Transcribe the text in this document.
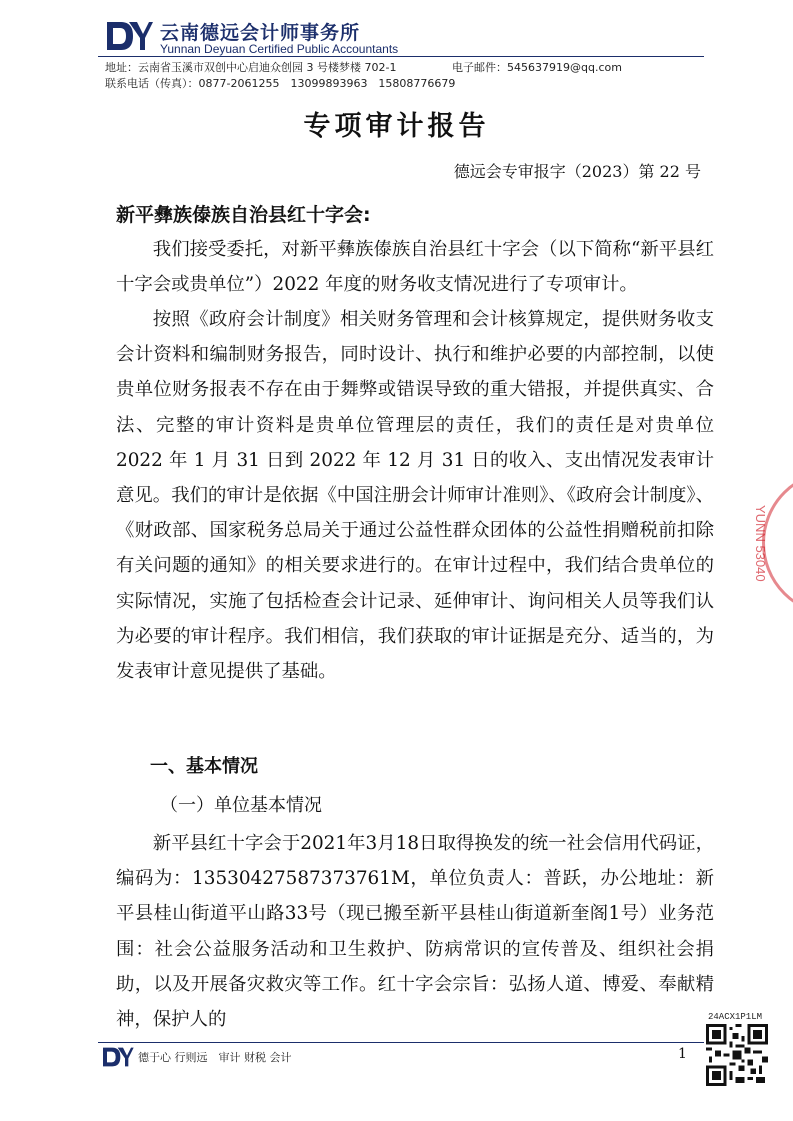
云南德远会计师事务所
Yunnan Deyuan Certified Public Accountants
地址：云南省玉溪市双创中心启迪众创园 3 号楼梦楼 702-1	电子邮件：545637919@qq.com
联系电话（传真）：0877-2061255　13099893963　15808776679
专项审计报告
德远会专审报字（2023）第 22 号
新平彝族傣族自治县红十字会:
我们接受委托，对新平彝族傣族自治县红十字会（以下简称“新平县红十字会或贵单位”）2022 年度的财务收支情况进行了专项审计。
按照《政府会计制度》相关财务管理和会计核算规定，提供财务收支会计资料和编制财务报告，同时设计、执行和维护必要的内部控制，以使贵单位财务报表不存在由于舞弊或错误导致的重大错报，并提供真实、合法、完整的审计资料是贵单位管理层的责任，我们的责任是对贵单位 2022 年 1 月 31 日到 2022 年 12 月 31 日的收入、支出情况发表审计意见。我们的审计是依据《中国注册会计师审计准则》、《政府会计制度》、《财政部、国家税务总局关于通过公益性群众团体的公益性捐赠税前扣除有关问题的通知》的相关要求进行的。在审计过程中，我们结合贵单位的实际情况，实施了包括检查会计记录、延伸审计、询问相关人员等我们认为必要的审计程序。我们相信，我们获取的审计证据是充分、适当的，为发表审计意见提供了基础。
一、基本情况
（一）单位基本情况
新平县红十字会于2021年3月18日取得换发的统一社会信用代码证，编码为：13530427587373761M，单位负责人：普跃，办公地址：新平县桂山街道平山路33号（现已搬至新平县桂山街道新奎阁1号）业务范围：社会公益服务活动和卫生救护、防病常识的宣传普及、组织社会捐助，以及开展备灾救灾等工作。红十字会宗旨：弘扬人道、博爱、奉献精神，保护人的
YUNN 53040
德于心 行则远　审计 财税 会计	1
24ACX1P1LM
